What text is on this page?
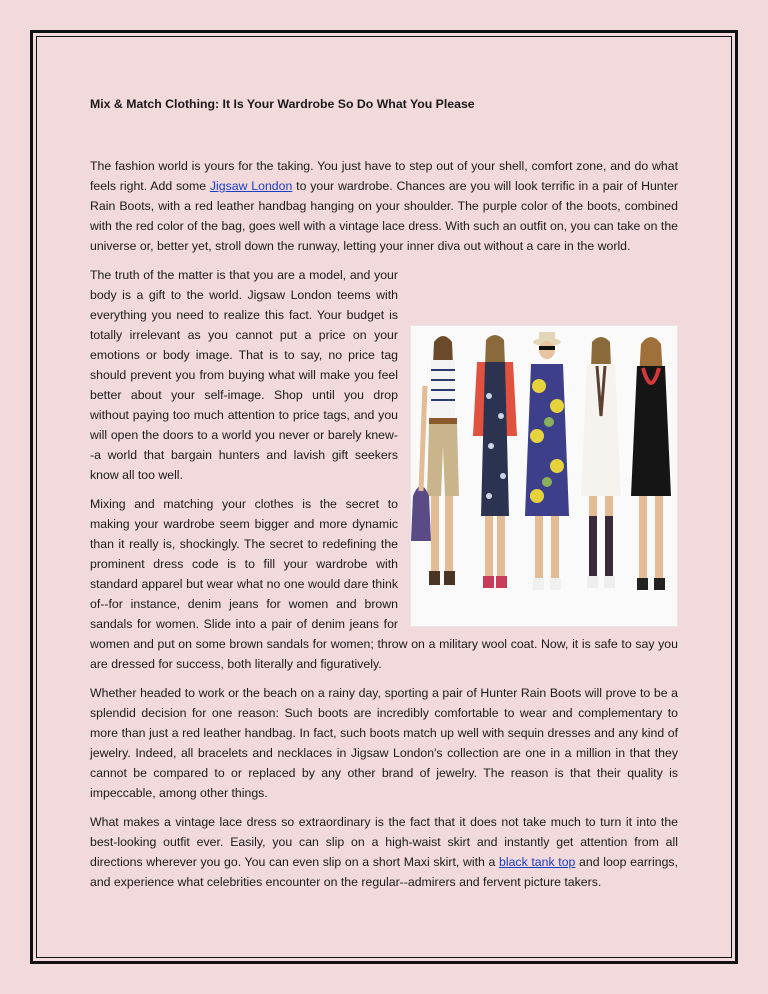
Mix & Match Clothing: It Is Your Wardrobe So Do What You Please

The fashion world is yours for the taking. You just have to step out of your shell, comfort zone, and do what feels right. Add some Jigsaw London to your wardrobe. Chances are you will look terrific in a pair of Hunter Rain Boots, with a red leather handbag hanging on your shoulder. The purple color of the boots, combined with the red color of the bag, goes well with a vintage lace dress. With such an outfit on, you can take on the universe or, better yet, stroll down the runway, letting your inner diva out without a care in the world.

The truth of the matter is that you are a model, and your body is a gift to the world. Jigsaw London teems with everything you need to realize this fact. Your budget is totally irrelevant as you cannot put a price on your emotions or body image. That is to say, no price tag should prevent you from buying what will make you feel better about your self-image. Shop until you drop without paying too much attention to price tags, and you will open the doors to a world you never or barely knew--a world that bargain hunters and lavish gift seekers know all too well.

Mixing and matching your clothes is the secret to making your wardrobe seem bigger and more dynamic than it really is, shockingly. The secret to redefining the prominent dress code is to fill your wardrobe with standard apparel but wear what no one would dare think of--for instance, denim jeans for women and brown sandals for women. Slide into a pair of denim jeans for women and put on some brown sandals for women; throw on a military wool coat. Now, it is safe to say you are dressed for success, both literally and figuratively.

Whether headed to work or the beach on a rainy day, sporting a pair of Hunter Rain Boots will prove to be a splendid decision for one reason: Such boots are incredibly comfortable to wear and complementary to more than just a red leather handbag. In fact, such boots match up well with sequin dresses and any kind of jewelry. Indeed, all bracelets and necklaces in Jigsaw London's collection are one in a million in that they cannot be compared to or replaced by any other brand of jewelry. The reason is that their quality is impeccable, among other things.

What makes a vintage lace dress so extraordinary is the fact that it does not take much to turn it into the best-looking outfit ever. Easily, you can slip on a high-waist skirt and instantly get attention from all directions wherever you go. You can even slip on a short Maxi skirt, with a black tank top and loop earrings, and experience what celebrities encounter on the regular--admirers and fervent picture takers.
